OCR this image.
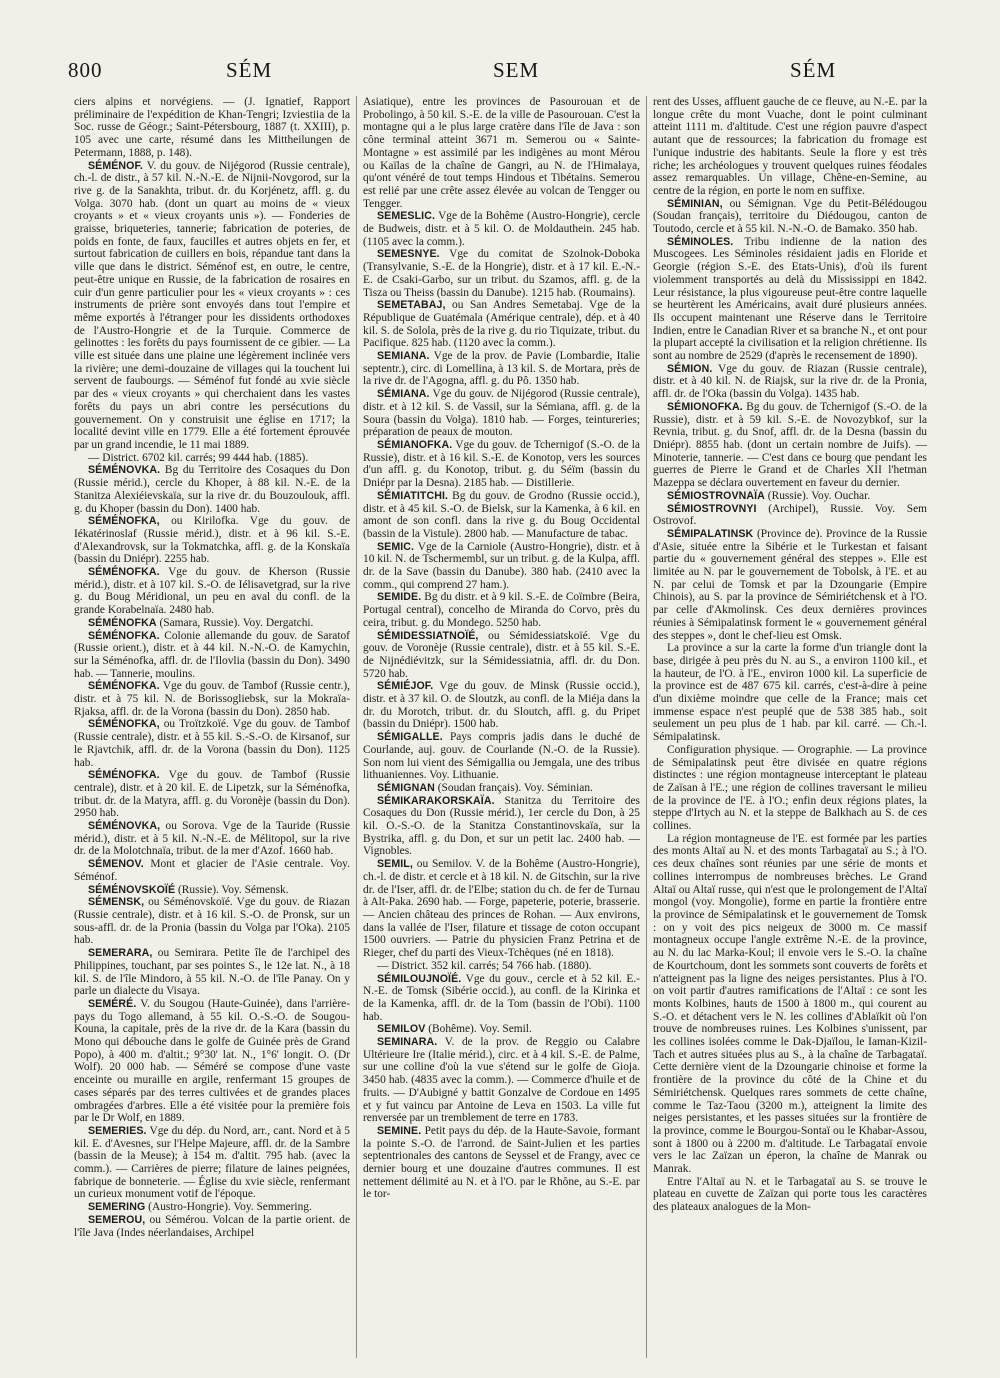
800	SÉM	SEM	SÉM

ciers alpins et norvégiens. — (J. Ignatief, Rapport préliminaire de l'expédition de Khan-Tengri; Izviestiia de la Soc. russe de Géogr.; Saint-Pétersbourg, 1887 (t. XXIII), p. 105 avec une carte, résumé dans les Mittheilungen de Petermann, 1888, p. 148).

SÉMÉNOF. V. du gouv. de Nijégorod (Russie centrale), ch.-l. de distr., à 57 kil. N.-N.-E. de Nijnii-Novgorod, sur la rive g. de la Sanakhta, tribut. dr. du Korjénetz, affl. g. du Volga. 3070 hab. (dont un quart au moins de « vieux croyants » et « vieux croyants unis »). — Fonderies de graisse, briqueteries, tannerie; fabrication de poteries, de poids en fonte, de faux, faucilles et autres objets en fer, et surtout fabrication de cuillers en bois, répandue tant dans la ville que dans le district. Séménof est, en outre, le centre, peut-être unique en Russie, de la fabrication de rosaires en cuir d'un genre particulier pour les « vieux croyants » : ces instruments de prière sont envoyés dans tout l'empire et même exportés à l'étranger pour les dissidents orthodoxes de l'Austro-Hongrie et de la Turquie. Commerce de gelinottes : les forêts du pays fournissent de ce gibier. — La ville est située dans une plaine une légèrement inclinée vers la rivière; une demi-douzaine de villages qui la touchent lui servent de faubourgs. — Séménof fut fondé au xvie siècle par des « vieux croyants » qui cherchaient dans les vastes forêts du pays un abri contre les persécutions du gouvernement. On y construisit une église en 1717; la localité devint ville en 1779. Elle a été fortement éprouvée par un grand incendie, le 11 mai 1889.

— District. 6702 kil. carrés; 99 444 hab. (1885).

SÉMÉNOVKA. Bg du Territoire des Cosaques du Don (Russie mérid.), cercle du Khoper, à 88 kil. N.-E. de la Stanitza Alexiéievskaïa, sur la rive dr. du Bouzoulouk, affl. g. du Khoper (bassin du Don). 1400 hab.

SÉMÉNOFKA, ou Kirilofka. Vge du gouv. de Iékatérinoslaf (Russie mérid.), distr. et à 96 kil. S.-E. d'Alexandrovsk, sur la Tokmatchka, affl. g. de la Konskaïa (bassin du Dniépr). 2255 hab.

SÉMÉNOFKA. Vge du gouv. de Kherson (Russie mérid.), distr. et à 107 kil. S.-O. de Iélisavetgrad, sur la rive g. du Boug Méridional, un peu en aval du confl. de la grande Korabelnaïa. 2480 hab.

SÉMÉNOFKA (Samara, Russie). Voy. Dergatchi.

SÉMÉNOFKA. Colonie allemande du gouv. de Saratof (Russie orient.), distr. et à 44 kil. N.-N.-O. de Kamychin, sur la Séménofka, affl. dr. de l'Ilovlia (bassin du Don). 3490 hab. — Tannerie, moulins.

SÉMÉNOFKA. Vge du gouv. de Tambof (Russie centr.), distr. et à 75 kil. N. de Borissogliebsk, sur la Mokraïa-Rjaksa, affl. dr. de la Vorona (bassin du Don). 2850 hab.

SÉMÉNOFKA, ou Troïtzkoïé. Vge du gouv. de Tambof (Russie centrale), distr. et à 55 kil. S.-S.-O. de Kirsanof, sur le Rjavtchik, affl. dr. de la Vorona (bassin du Don). 1125 hab.

SÉMÉNOFKA. Vge du gouv. de Tambof (Russie centrale), distr. et à 20 kil. E. de Lipetzk, sur la Séménofka, tribut. dr. de la Matyra, affl. g. du Voronèje (bassin du Don). 2950 hab.

SÉMÉNOVKA, ou Sorova. Vge de la Tauride (Russie mérid.), distr. et à 5 kil. N.-N.-E. de Mélitopol, sur la rive dr. de la Molotchnaïa, tribut. de la mer d'Azof. 1660 hab.

SÉMENOV. Mont et glacier de l'Asie centrale. Voy. Séménof.

SÉMÉNOVSKOÏÉ (Russie). Voy. Sémensk.

SÉMENSK, ou Séménovskoïé. Vge du gouv. de Riazan (Russie centrale), distr. et à 16 kil. S.-O. de Pronsk, sur un sous-affl. dr. de la Pronia (bassin du Volga par l'Oka). 2105 hab.

SEMERARA, ou Semirara. Petite île de l'archipel des Philippines, touchant, par ses pointes S., le 12e lat. N., à 18 kil. S. de l'île Mindoro, à 55 kil. N.-O. de l'île Panay. On y parle un dialecte du Visaya.

SEMÉRÉ. V. du Sougou (Haute-Guinée), dans l'arrière-pays du Togo allemand, à 55 kil. O.-S.-O. de Sougou-Kouna, la capitale, près de la rive dr. de la Kara (bassin du Mono qui débouche dans le golfe de Guinée près de Grand Popo), à 400 m. d'altit.; 9°30' lat. N., 1°6' longit. O. (Dr Wolf). 20 000 hab. — Séméré se compose d'une vaste enceinte ou muraille en argile, renfermant 15 groupes de cases séparés par des terres cultivées et de grandes places ombragées d'arbres. Elle a été visitée pour la première fois par le Dr Wolf, en 1889.

SEMERIES. Vge du dép. du Nord, arr., cant. Nord et à 5 kil. E. d'Avesnes, sur l'Helpe Majeure, affl. dr. de la Sambre (bassin de la Meuse); à 154 m. d'altit. 795 hab. (avec la comm.). — Carrières de pierre; filature de laines peignées, fabrique de bonneterie. — Église du xvie siècle, renfermant un curieux monument votif de l'époque.

SEMERING (Austro-Hongrie). Voy. Semmering.

SEMEROU, ou Sémérou. Volcan de la partie orient. de l'île Java (Indes néerlandaises, Archipel

Asiatique), entre les provinces de Pasourouan et de Probolingo, à 50 kil. S.-E. de la ville de Pasourouan. C'est la montagne qui a le plus large cratère dans l'île de Java : son cône terminal atteint 3671 m. Semerou ou « Sainte-Montagne » est assimilé par les indigènes au mont Mérou ou Kaïlas de la chaîne de Gangri, au N. de l'Himalaya, qu'ont vénéré de tout temps Hindous et Tibétains. Semerou est relié par une crête assez élevée au volcan de Tengger ou Tengger.

SEMESLIC. Vge de la Bohême (Austro-Hongrie), cercle de Budweis, distr. et à 5 kil. O. de Moldauthein. 245 hab. (1105 avec la comm.).

SEMESNYE. Vge du comitat de Szolnok-Doboka (Transylvanie, S.-E. de la Hongrie), distr. et à 17 kil. E.-N.-E. de Csaki-Garbo, sur un tribut. du Szamos, affl. g. de la Tisza ou Theiss (bassin du Danube). 1215 hab. (Roumains).

SEMETABAJ, ou San Andres Semetabaj. Vge de la République de Guatémala (Amérique centrale), dép. et à 40 kil. S. de Solola, près de la rive g. du rio Tiquizate, tribut. du Pacifique. 825 hab. (1120 avec la comm.).

SEMIANA. Vge de la prov. de Pavie (Lombardie, Italie septentr.), circ. di Lomellina, à 13 kil. S. de Mortara, près de la rive dr. de l'Agogna, affl. g. du Pô. 1350 hab.

SÉMIANA. Vge du gouv. de Nijégorod (Russie centrale), distr. et à 12 kil. S. de Vassil, sur la Sémiana, affl. g. de la Soura (bassin du Volga). 1810 hab. — Forges, teintureries; préparation de peaux de mouton.

SÉMIANOFKA. Vge du gouv. de Tchernigof (S.-O. de la Russie), distr. et à 16 kil. S.-E. de Konotop, vers les sources d'un affl. g. du Konotop, tribut. g. du Séïm (bassin du Dniépr par la Desna). 2185 hab. — Distillerie.

SÉMIATITCHI. Bg du gouv. de Grodno (Russie occid.), distr. et à 45 kil. S.-O. de Bielsk, sur la Kamenka, à 6 kil. en amont de son confl. dans la rive g. du Boug Occidental (bassin de la Vistule). 2800 hab. — Manufacture de tabac.

SEMIC. Vge de la Carniole (Austro-Hongrie), distr. et à 10 kil. N. de Tschermembl, sur un tribut. g. de la Kulpa, affl. dr. de la Save (bassin du Danube). 380 hab. (2410 avec la comm., qui comprend 27 ham.).

SEMIDE. Bg du distr. et à 9 kil. S.-E. de Coïmbre (Beira, Portugal central), concelho de Miranda do Corvo, près du ceira, tribut. g. du Mondego. 5250 hab.

SÉMIDESSIATNOÏÉ, ou Sémidessiatskoïé. Vge du gouv. de Voronèje (Russie centrale), distr. et à 55 kil. S.-E. de Nijnédiévitzk, sur la Sémidessiatnia, affl. dr. du Don. 5720 hab.

SÉMIÉJOF. Vge du gouv. de Minsk (Russie occid.), distr. et à 37 kil. O. de Sloutzk, au confl. de la Miéja dans la dr. du Morotch, tribut. dr. du Sloutch, affl. g. du Pripet (bassin du Dniépr). 1500 hab.

SÉMIGALLE. Pays compris jadis dans le duché de Courlande, auj. gouv. de Courlande (N.-O. de la Russie). Son nom lui vient des Sémigallia ou Jemgala, une des tribus lithuaniennes. Voy. Lithuanie.

SÉMIGNAN (Soudan français). Voy. Séminian.

SÉMIKARAKORSKAÏA. Stanitza du Territoire des Cosaques du Don (Russie mérid.), 1er cercle du Don, à 25 kil. O.-S.-O. de la Stanitza Constantinovskaïa, sur la Bystrika, affl. g. du Don, et sur un petit lac. 2400 hab. — Vignobles.

SEMIL, ou Semilov. V. de la Bohême (Austro-Hongrie), ch.-l. de distr. et cercle et à 18 kil. N. de Gitschin, sur la rive dr. de l'Iser, affl. dr. de l'Elbe; station du ch. de fer de Turnau à Alt-Paka. 2690 hab. — Forge, papeterie, poterie, brasserie. — Ancien château des princes de Rohan. — Aux environs, dans la vallée de l'Iser, filature et tissage de coton occupant 1500 ouvriers. — Patrie du physicien Franz Petrina et de Rieger, chef du parti des Vieux-Tchèques (né en 1818).

— District. 352 kil. carrés; 54 766 hab. (1880).

SÉMILOUJNOÏÉ. Vge du gouv., cercle et à 52 kil. E.-N.-E. de Tomsk (Sibérie occid.), au confl. de la Kirinka et de la Kamenka, affl. dr. de la Tom (bassin de l'Obi). 1100 hab.

SEMILOV (Bohême). Voy. Semil.

SEMINARA. V. de la prov. de Reggio ou Calabre Ultérieure Ire (Italie mérid.), circ. et à 4 kil. S.-E. de Palme, sur une colline d'où la vue s'étend sur le golfe de Gioja. 3450 hab. (4835 avec la comm.). — Commerce d'huile et de fruits. — D'Aubigné y battit Gonzalve de Cordoue en 1495 et y fut vaincu par Antoine de Leva en 1503. La ville fut renversée par un tremblement de terre en 1783.

SEMINE. Petit pays du dép. de la Haute-Savoie, formant la pointe S.-O. de l'arrond. de Saint-Julien et les parties septentrionales des cantons de Seyssel et de Frangy, avec ce dernier bourg et une douzaine d'autres communes. Il est nettement délimité au N. et à l'O. par le Rhône, au S.-E. par le tor-

rent des Usses, affluent gauche de ce fleuve, au N.-E. par la longue crête du mont Vuache, dont le point culminant atteint 1111 m. d'altitude. C'est une région pauvre d'aspect autant que de ressources; la fabrication du fromage est l'unique industrie des habitants. Seule la flore y est très riche; les archéologues y trouvent quelques ruines féodales assez remarquables. Un village, Chêne-en-Semine, au centre de la région, en porte le nom en suffixe.

SÉMINIAN, ou Sémignan. Vge du Petit-Bélédougou (Soudan français), territoire du Diédougou, canton de Toutodo, cercle et à 55 kil. N.-N.-O. de Bamako. 350 hab.

SÉMINOLES. Tribu indienne de la nation des Muscogees. Les Séminoles résidaient jadis en Floride et Georgie (région S.-E. des Etats-Unis), d'où ils furent violemment transportés au delà du Mississippi en 1842. Leur résistance, la plus vigoureuse peut-être contre laquelle se heurtèrent les Américains, avait duré plusieurs années. Ils occupent maintenant une Réserve dans le Territoire Indien, entre le Canadian River et sa branche N., et ont pour la plupart accepté la civilisation et la religion chrétienne. Ils sont au nombre de 2529 (d'après le recensement de 1890).

SÉMION. Vge du gouv. de Riazan (Russie centrale), distr. et à 40 kil. N. de Riajsk, sur la rive dr. de la Pronia, affl. dr. de l'Oka (bassin du Volga). 1435 hab.

SÉMIONOFKA. Bg du gouv. de Tchernigof (S.-O. de la Russie), distr. et à 59 kil. S.-E. de Novozybkof, sur la Revnia, tribut. g. du Snof, affl. dr. de la Desna (bassin du Dniépr). 8855 hab. (dont un certain nombre de Juifs). — Minoterie, tannerie. — C'est dans ce bourg que pendant les guerres de Pierre le Grand et de Charles XII l'hetman Mazeppa se déclara ouvertement en faveur du dernier.

SÉMIOSTROVNAÏA (Russie). Voy. Ouchar.

SÉMIOSTROVNYI (Archipel), Russie. Voy. Sem Ostrovof.

SÉMIPALATINSK (Province de). Province de la Russie d'Asie, située entre la Sibérie et le Turkestan et faisant partie du « gouvernement général des steppes ». Elle est limitée au N. par le gouvernement de Tobolsk, à l'E. et au N. par celui de Tomsk et par la Dzoungarie (Empire Chinois), au S. par la province de Sémiriétchensk et à l'O. par celle d'Akmolinsk. Ces deux dernières provinces réunies à Sémipalatinsk forment le « gouvernement général des steppes », dont le chef-lieu est Omsk.

La province a sur la carte la forme d'un triangle dont la base, dirigée à peu près du N. au S., a environ 1100 kil., et la hauteur, de l'O. à l'E., environ 1000 kil. La superficie de la province est de 487 675 kil. carrés, c'est-à-dire à peine d'un dixième moindre que celle de la France; mais cet immense espace n'est peuplé que de 538 385 hab., soit seulement un peu plus de 1 hab. par kil. carré. — Ch.-l. Sémipalatinsk.

Configuration physique. — Orographie. — La province de Sémipalatinsk peut être divisée en quatre régions distinctes : une région montagneuse interceptant le plateau de Zaïsan à l'E.; une région de collines traversant le milieu de la province de l'E. à l'O.; enfin deux régions plates, la steppe d'Irtych au N. et la steppe de Balkhach au S. de ces collines.

La région montagneuse de l'E. est formée par les parties des monts Altaï au N. et des monts Tarbagataï au S.; à l'O. ces deux chaînes sont réunies par une série de monts et collines interrompus de nombreuses brèches. Le Grand Altaï ou Altaï russe, qui n'est que le prolongement de l'Altaï mongol (voy. Mongolie), forme en partie la frontière entre la province de Sémipalatinsk et le gouvernement de Tomsk : on y voit des pics neigeux de 3000 m. Ce massif montagneux occupe l'angle extrême N.-E. de la province, au N. du lac Marka-Koul; il envoie vers le S.-O. la chaîne de Kourtchoum, dont les sommets sont couverts de forêts et n'atteignent pas la ligne des neiges persistantes. Plus à l'O. on voit partir d'autres ramifications de l'Altaï : ce sont les monts Kolbines, hauts de 1500 à 1800 m., qui courent au S.-O. et détachent vers le N. les collines d'Ablaïkit où l'on trouve de nombreuses ruines. Les Kolbines s'unissent, par les collines isolées comme le Dak-Djaïlou, le Iaman-Kizil-Tach et autres situées plus au S., à la chaîne de Tarbagataï. Cette dernière vient de la Dzoungarie chinoise et forme la frontière de la province du côté de la Chine et du Sémiriétchensk. Quelques rares sommets de cette chaîne, comme le Taz-Taou (3200 m.), atteignent la limite des neiges persistantes, et les passes situées sur la frontière de la province, comme le Bourgou-Sontaï ou le Khabar-Assou, sont à 1800 ou à 2200 m. d'altitude. Le Tarbagataï envoie vers le lac Zaïzan un éperon, la chaîne de Manrak ou Manrak.

Entre l'Altaï au N. et le Tarbagataï au S. se trouve le plateau en cuvette de Zaïzan qui porte tous les caractères des plateaux analogues de la Mon-
